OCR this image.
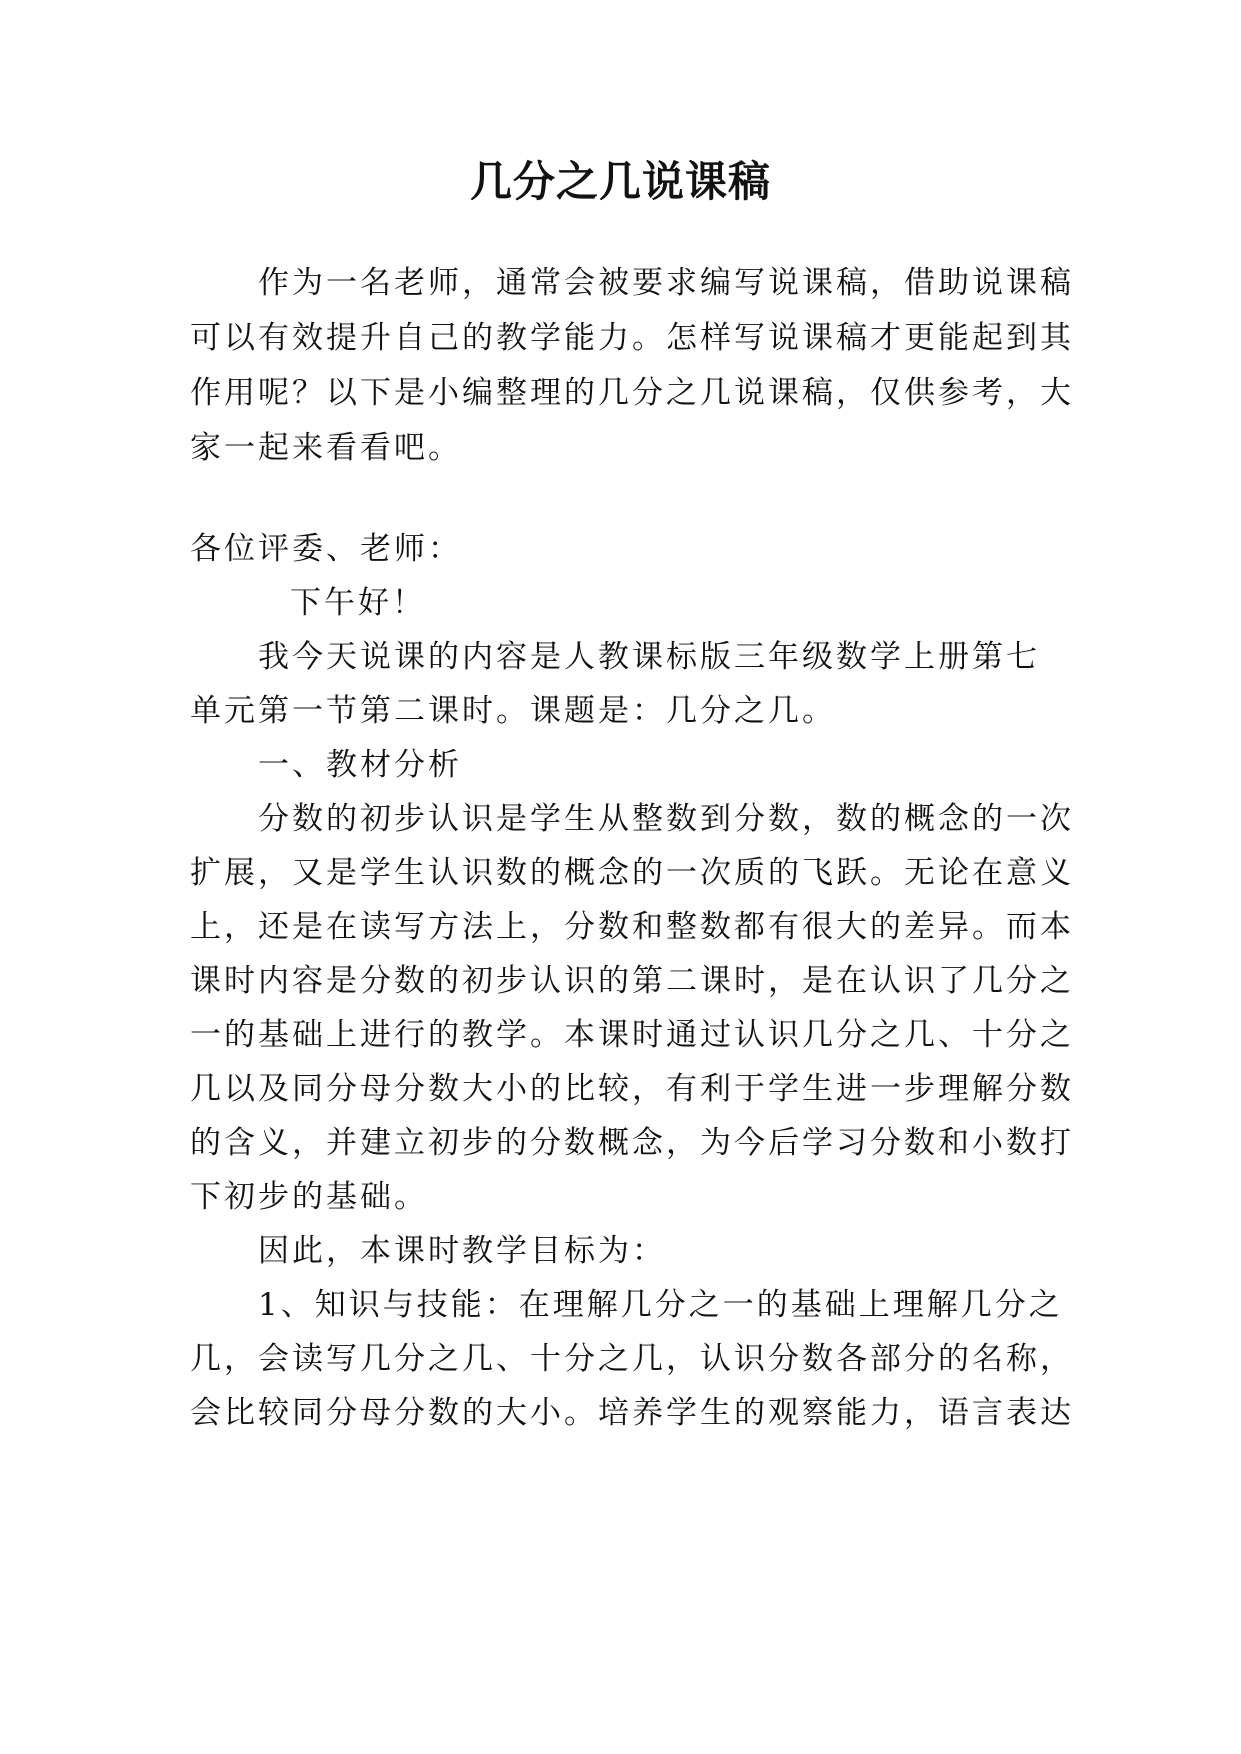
几分之几说课稿
作为一名老师，通常会被要求编写说课稿，借助说课稿
可以有效提升自己的教学能力。怎样写说课稿才更能起到其
作用呢？以下是小编整理的几分之几说课稿，仅供参考，大
家一起来看看吧。
各位评委、老师：
下午好！
我今天说课的内容是人教课标版三年级数学上册第七
单元第一节第二课时。课题是：几分之几。
一、教材分析
分数的初步认识是学生从整数到分数，数的概念的一次
扩展，又是学生认识数的概念的一次质的飞跃。无论在意义
上，还是在读写方法上，分数和整数都有很大的差异。而本
课时内容是分数的初步认识的第二课时，是在认识了几分之
一的基础上进行的教学。本课时通过认识几分之几、十分之
几以及同分母分数大小的比较，有利于学生进一步理解分数
的含义，并建立初步的分数概念，为今后学习分数和小数打
下初步的基础。
因此，本课时教学目标为：
1、知识与技能：在理解几分之一的基础上理解几分之
几，会读写几分之几、十分之几，认识分数各部分的名称，
会比较同分母分数的大小。培养学生的观察能力，语言表达
